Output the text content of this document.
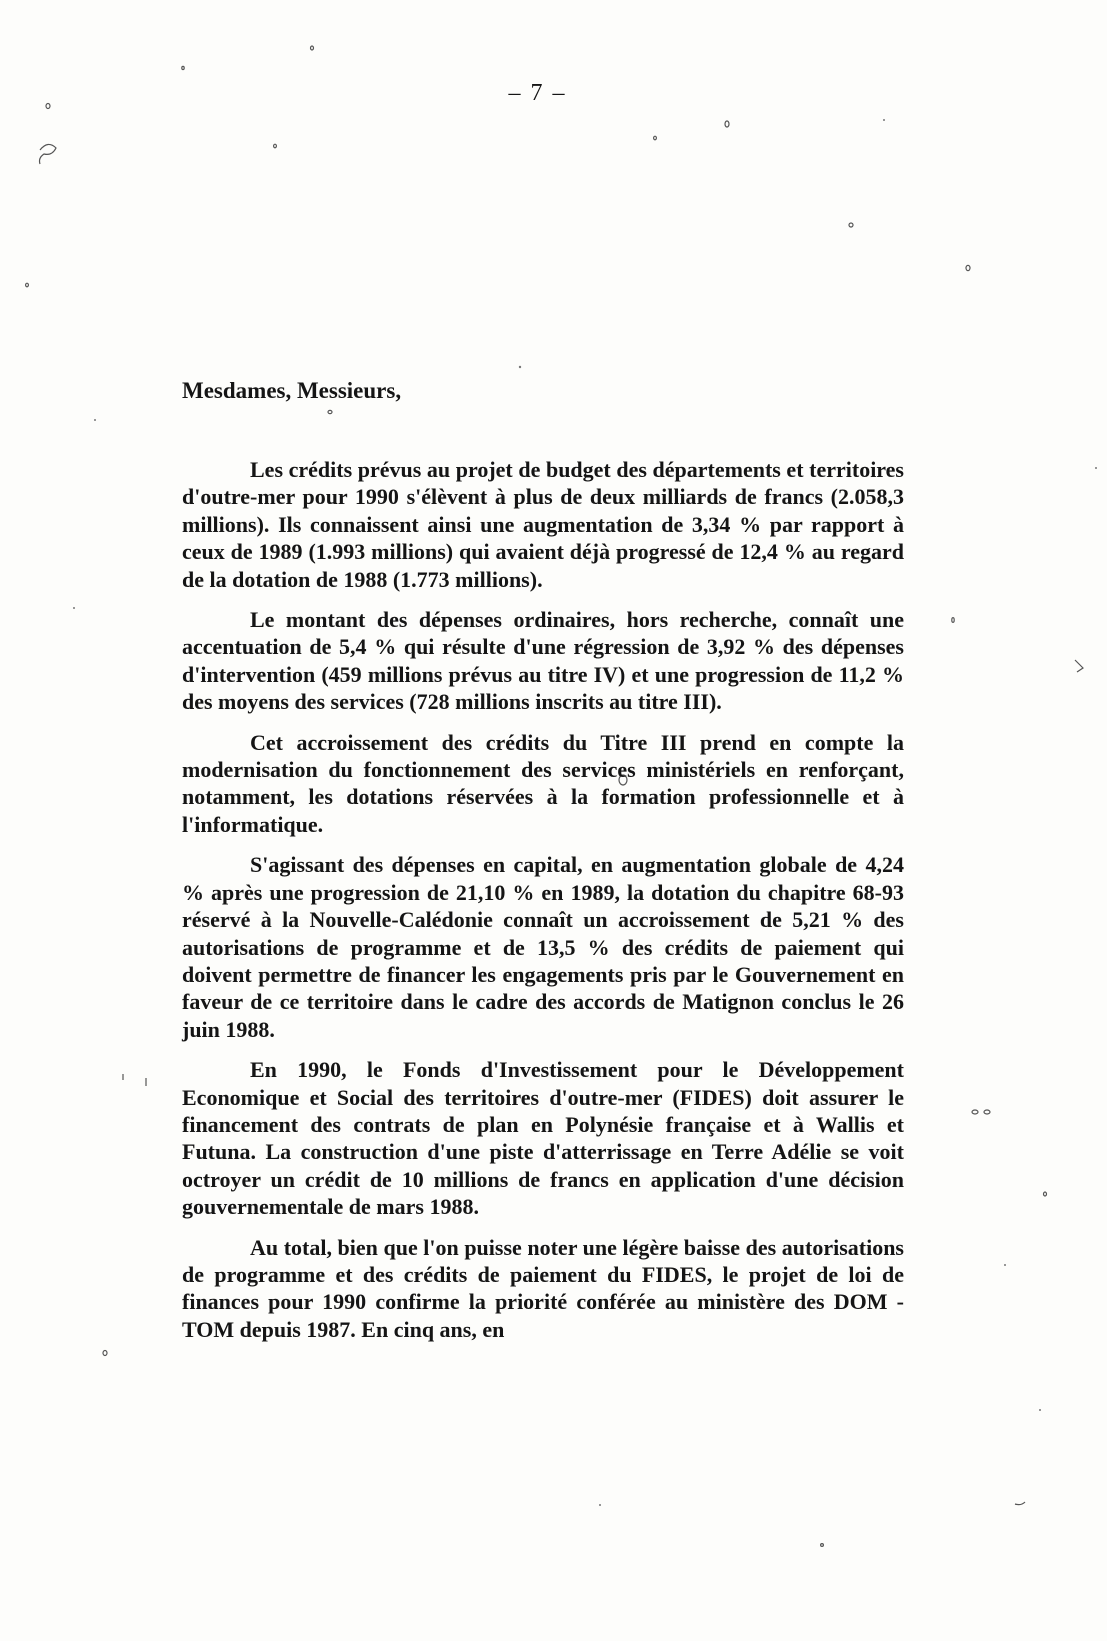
– 7 –
Mesdames, Messieurs,

Les crédits prévus au projet de budget des départements et territoires d'outre-mer pour 1990 s'élèvent à plus de deux milliards de francs (2.058,3 millions). Ils connaissent ainsi une augmentation de 3,34 % par rapport à ceux de 1989 (1.993 millions) qui avaient déjà progressé de 12,4 % au regard de la dotation de 1988 (1.773 millions).

Le montant des dépenses ordinaires, hors recherche, connaît une accentuation de 5,4 % qui résulte d'une régression de 3,92 % des dépenses d'intervention (459 millions prévus au titre IV) et une progression de 11,2 % des moyens des services (728 millions inscrits au titre III).

Cet accroissement des crédits du Titre III prend en compte la modernisation du fonctionnement des services ministériels en renforçant, notamment, les dotations réservées à la formation professionnelle et à l'informatique.

S'agissant des dépenses en capital, en augmentation globale de 4,24 % après une progression de 21,10 % en 1989, la dotation du chapitre 68-93 réservé à la Nouvelle-Calédonie connaît un accroissement de 5,21 % des autorisations de programme et de 13,5 % des crédits de paiement qui doivent permettre de financer les engagements pris par le Gouvernement en faveur de ce territoire dans le cadre des accords de Matignon conclus le 26 juin 1988.

En 1990, le Fonds d'Investissement pour le Développement Economique et Social des territoires d'outre-mer (FIDES) doit assurer le financement des contrats de plan en Polynésie française et à Wallis et Futuna. La construction d'une piste d'atterrissage en Terre Adélie se voit octroyer un crédit de 10 millions de francs en application d'une décision gouvernementale de mars 1988.

Au total, bien que l'on puisse noter une légère baisse des autorisations de programme et des crédits de paiement du FIDES, le projet de loi de finances pour 1990 confirme la priorité conférée au ministère des DOM - TOM depuis 1987. En cinq ans, en
